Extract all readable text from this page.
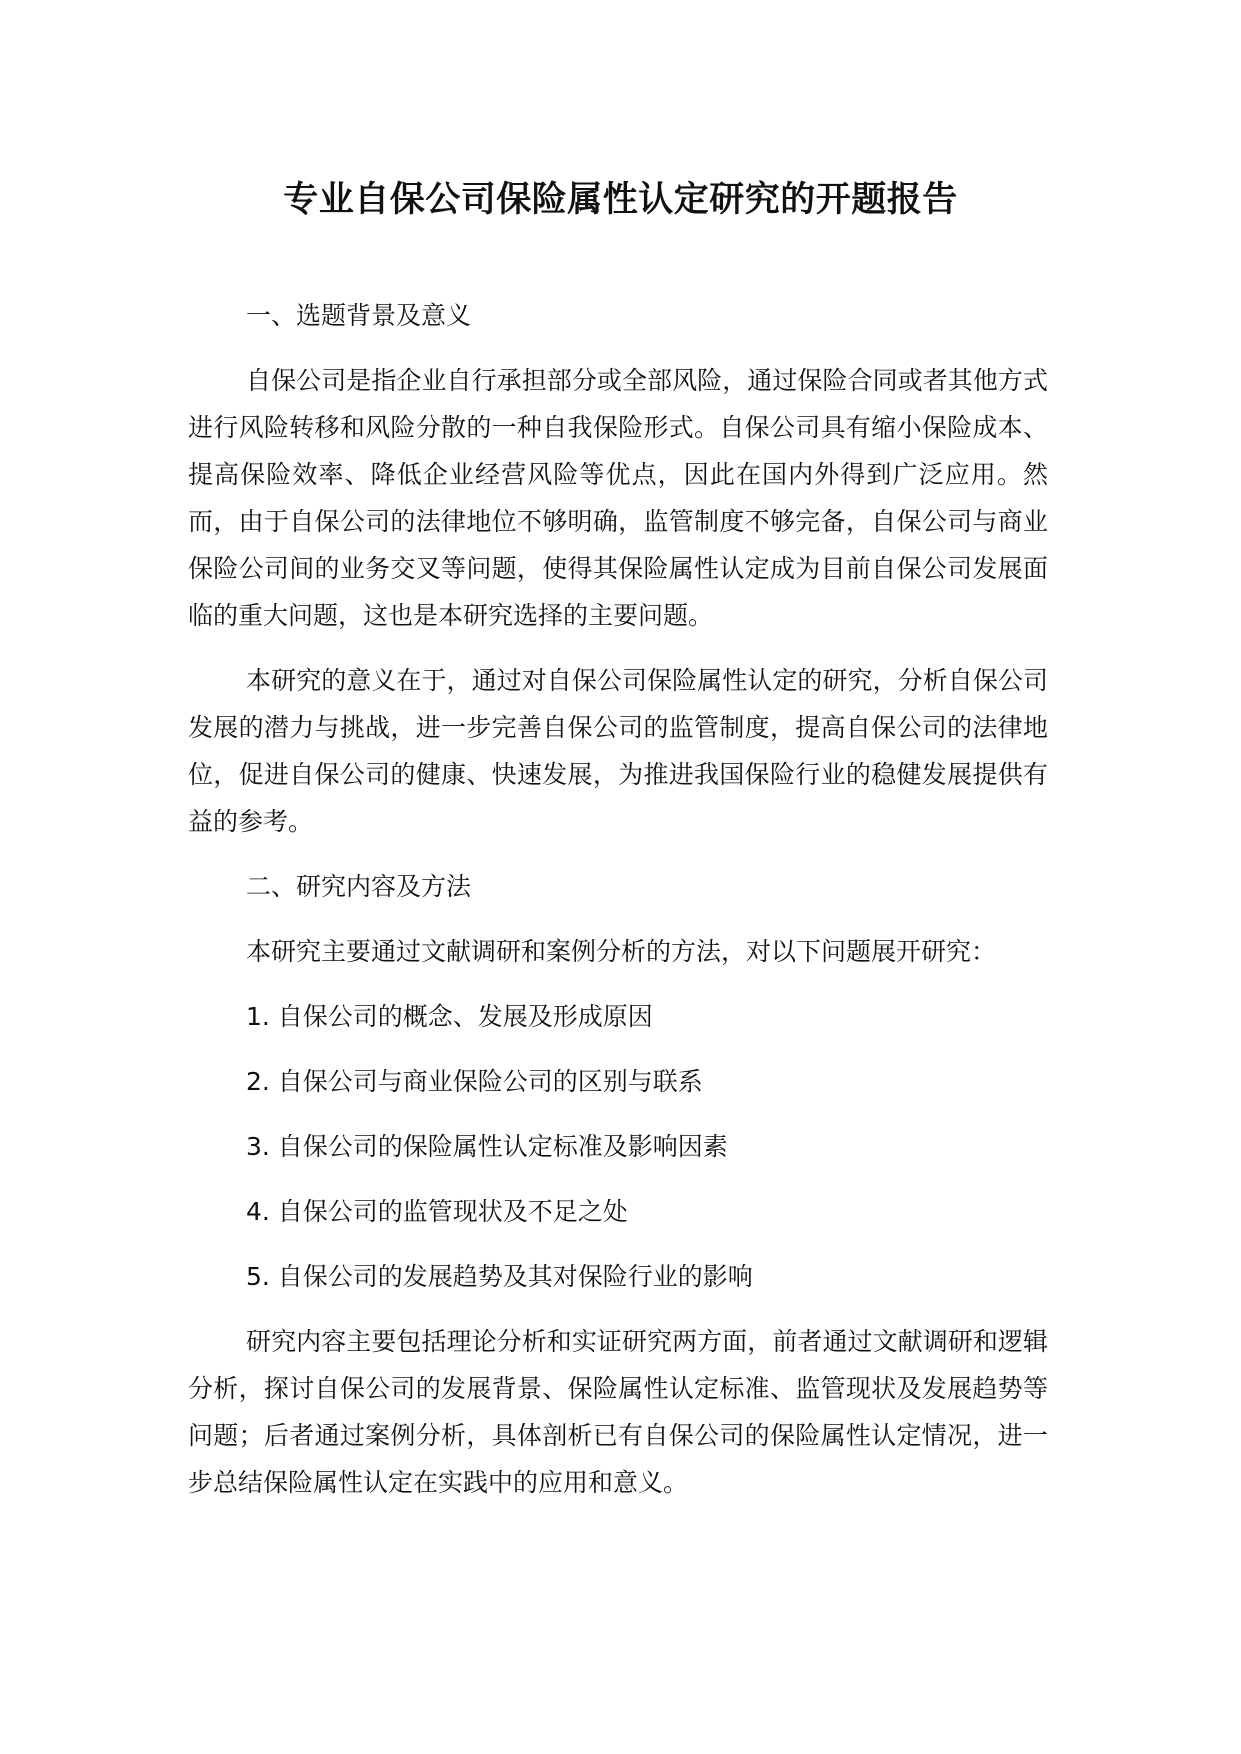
专业自保公司保险属性认定研究的开题报告
一、选题背景及意义

自保公司是指企业自行承担部分或全部风险，通过保险合同或者其他方式进行风险转移和风险分散的一种自我保险形式。自保公司具有缩小保险成本、提高保险效率、降低企业经营风险等优点，因此在国内外得到广泛应用。然而，由于自保公司的法律地位不够明确，监管制度不够完备，自保公司与商业保险公司间的业务交叉等问题，使得其保险属性认定成为目前自保公司发展面临的重大问题，这也是本研究选择的主要问题。

本研究的意义在于，通过对自保公司保险属性认定的研究，分析自保公司发展的潜力与挑战，进一步完善自保公司的监管制度，提高自保公司的法律地位，促进自保公司的健康、快速发展，为推进我国保险行业的稳健发展提供有益的参考。

二、研究内容及方法

本研究主要通过文献调研和案例分析的方法，对以下问题展开研究：

1. 自保公司的概念、发展及形成原因
2. 自保公司与商业保险公司的区别与联系
3. 自保公司的保险属性认定标准及影响因素
4. 自保公司的监管现状及不足之处
5. 自保公司的发展趋势及其对保险行业的影响

研究内容主要包括理论分析和实证研究两方面，前者通过文献调研和逻辑分析，探讨自保公司的发展背景、保险属性认定标准、监管现状及发展趋势等问题；后者通过案例分析，具体剖析已有自保公司的保险属性认定情况，进一步总结保险属性认定在实践中的应用和意义。
